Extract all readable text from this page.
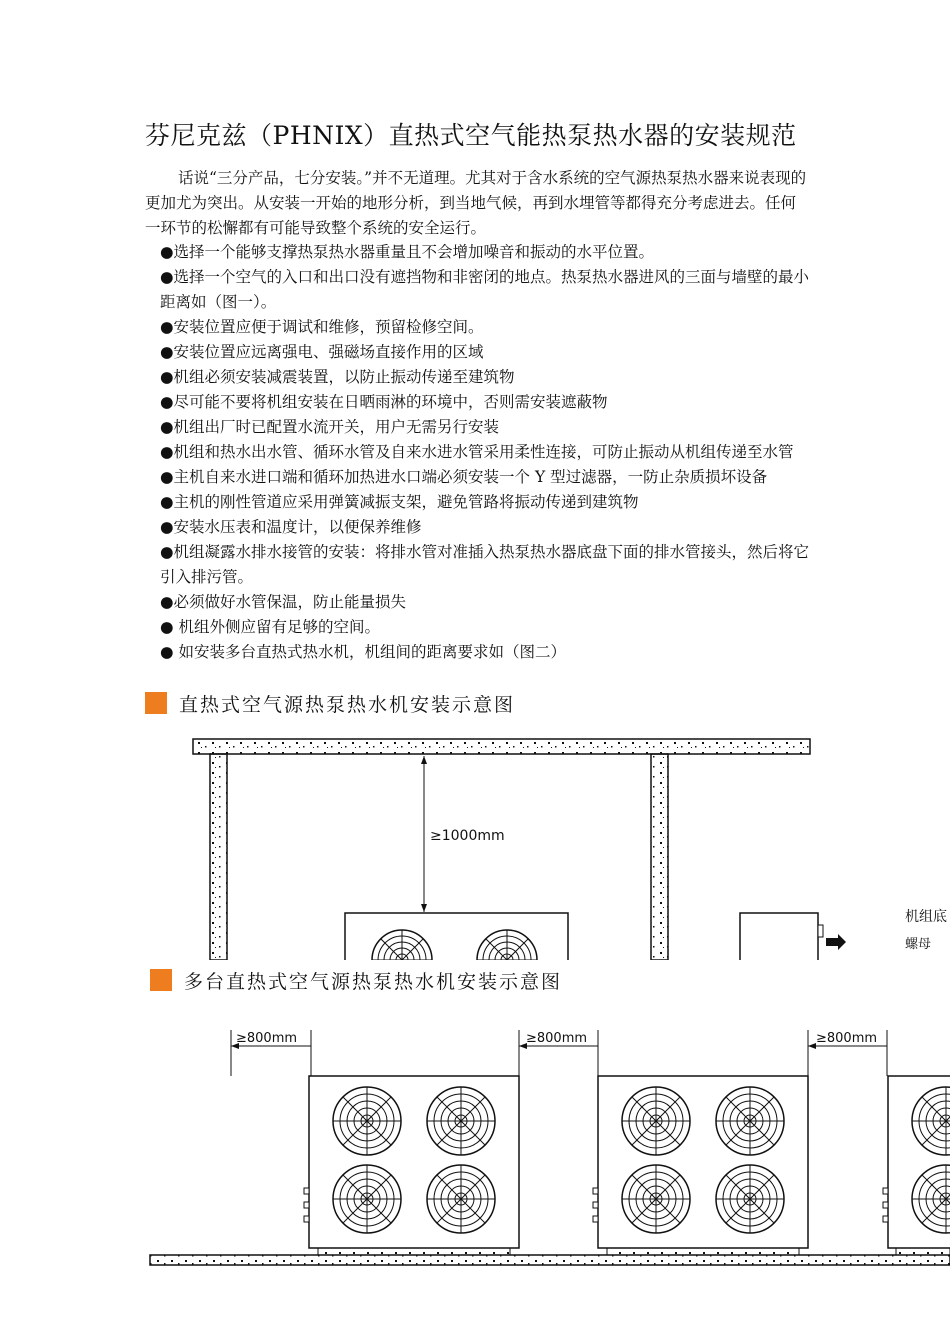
芬尼克兹（PHNIX）直热式空气能热泵热水器的安装规范
话说“三分产品，七分安装。”并不无道理。尤其对于含水系统的空气源热泵热水器来说表现的更加尤为突出。从安装一开始的地形分析，到当地气候，再到水埋管等都得充分考虑进去。任何一环节的松懈都有可能导致整个系统的安全运行。
●选择一个能够支撑热泵热水器重量且不会增加噪音和振动的水平位置。
●选择一个空气的入口和出口没有遮挡物和非密闭的地点。热泵热水器进风的三面与墙壁的最小距离如（图一）。
●安装位置应便于调试和维修，预留检修空间。
●安装位置应远离强电、强磁场直接作用的区域
●机组必须安装减震装置，以防止振动传递至建筑物
●尽可能不要将机组安装在日晒雨淋的环境中，否则需安装遮蔽物
●机组出厂时已配置水流开关，用户无需另行安装
●机组和热水出水管、循环水管及自来水进水管采用柔性连接，可防止振动从机组传递至水管
●主机自来水进口端和循环加热进水口端必须安装一个 Y 型过滤器，一防止杂质损坏设备
●主机的刚性管道应采用弹簧减振支架，避免管路将振动传递到建筑物
●安装水压表和温度计，以便保养维修
●机组凝露水排水接管的安装：将排水管对准插入热泵热水器底盘下面的排水管接头，然后将它引入排污管。
●必须做好水管保温，防止能量损失
● 机组外侧应留有足够的空间。
● 如安装多台直热式热水机，机组间的距离要求如（图二）
直热式空气源热泵热水机安装示意图
≥1000mm
机组底
螺母
多台直热式空气源热泵热水机安装示意图
≥800mm	≥800mm	≥800mm
